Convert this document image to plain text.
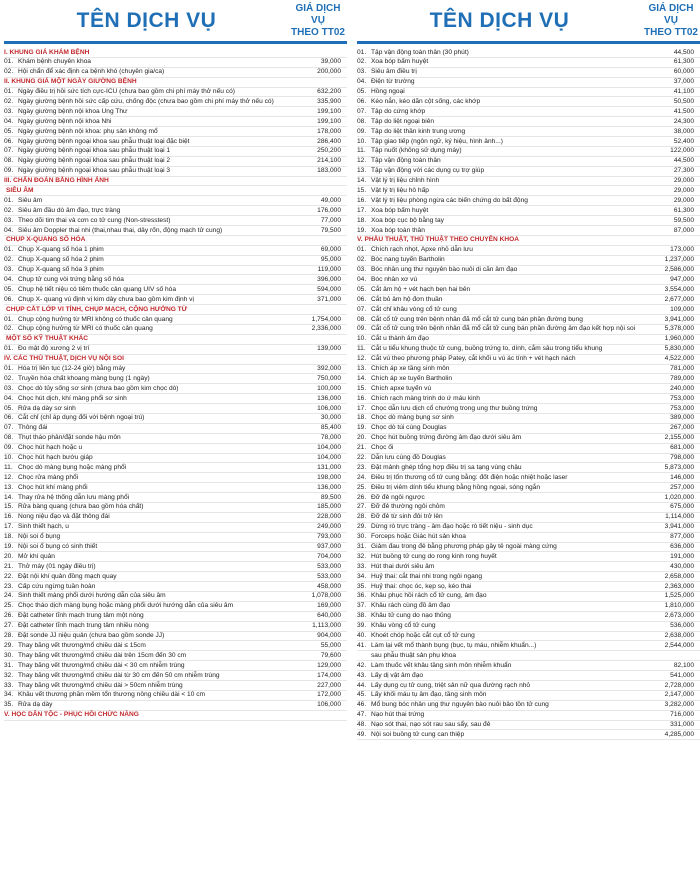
TÊN DỊCH VỤ
GIÁ DỊCH VỤ
THEO TT02
I. KHUNG GIÁ KHÁM BỆNH
01. Khám bệnh chuyên khoa	39,000
02. Hội chẩn để xác định ca bệnh khó (chuyên gia/ca)	200,000
II. KHUNG GIÁ MỘT NGÀY GIƯỜNG BỆNH
01. Ngày điều trị hồi sức tích cực-ICU (chưa bao gồm chi phí máy thở nếu có)	632,200
02. Ngày giường bệnh hồi sức cấp cứu, chống độc (chưa bao gồm chi phí máy thở nếu có)	335,900
03. Ngày giường bệnh nội khoa Ung Thư	199,100
04. Ngày giường bệnh nội khoa Nhi	199,100
05. Ngày giường bệnh nội khoa: phụ sản không mổ	178,000
06. Ngày giường bệnh ngoại khoa sau phẫu thuật loại đặc biệt	286,400
07. Ngày giường bệnh ngoại khoa sau phẫu thuật loại 1	250,200
08. Ngày giường bệnh ngoại khoa sau phẫu thuật loại 2	214,100
09. Ngày giường bệnh ngoại khoa sau phẫu thuật loại 3	183,000
III. CHẨN ĐOÁN BẰNG HÌNH ẢNH
SIÊU ÂM
01. Siêu âm	49,000
02. Siêu âm đầu dò âm đạo, trực tràng	176,000
03. Theo dõi tim thai và cơn co tử cung (Non-stresstest)	77,000
04. Siêu âm Doppler thai nhi (thai,nhau thai, dây rốn, động mạch tử cung)	79,500
CHỤP X-QUANG SỐ HÓA
01. Chụp X-quang số hóa 1 phim	69,000
02. Chụp X-quang số hóa 2 phim	95,000
03. Chụp X-quang số hóa 3 phim	119,000
04. Chụp tử cung vòi trứng bằng số hóa	396,000
05. Chụp hệ tiết niệu có tiêm thuốc cản quang UIV số hóa	594,000
06. Chụp X- quang vú định vị kim dây chưa bao gồm kim định vị	371,000
CHỤP CẮT LỚP VI TÍNH, CHỤP MẠCH, CỘNG HƯỞNG TỪ
01. Chụp cộng hưởng từ MRI không có thuốc cản quang	1,754,000
02. Chụp cộng hưởng từ MRI có thuốc cản quang	2,336,000
MỘT SỐ KỸ THUẬT KHÁC
01. Đo mật độ xương 2 vị trí	139,000
IV. CÁC THỦ THUẬT, DỊCH VỤ NỘI SOI
01. Hóa trị liên tục (12-24 giờ) bằng máy	392,000
02. Truyền hóa chất khoang màng bụng (1 ngày)	750,000
03. Chọc dò tủy sống sơ sinh (chưa bao gồm kim chọc dò)	100,000
04. Chọc hút dịch, khí màng phổi sơ sinh	136,000
05. Rửa dạ dày sơ sinh	106,000
06. Cắt chỉ (chỉ áp dụng đối với bệnh ngoại trú)	30,000
07. Thông đái	85,400
08. Thụt tháo phân/đặt sonde hậu môn	78,000
09. Chọc hút hạch hoặc u	104,000
10. Chọc hút hạch bướu giáp	104,000
11. Chọc dò màng bụng hoặc màng phổi	131,000
12. Chọc rửa màng phổi	198,000
13. Chọc hút khí màng phổi	136,000
14. Thay rửa hệ thống dẫn lưu màng phổi	89,500
15. Rửa bàng quang (chưa bao gồm hóa chất)	185,000
16. Nong niệu đạo và đặt thông đái	228,000
17. Sinh thiết hạch, u	249,000
18. Nội soi ổ bụng	793,000
19. Nội soi ổ bụng có sinh thiết	937,000
20. Mở khí quản	704,000
21. Thở máy (01 ngày điều trị)	533,000
22. Đặt nội khí quản đồng mạch quay	533,000
23. Cấp cứu ngừng tuần hoàn	458,000
24. Sinh thiết màng phổi dưới hướng dẫn của siêu âm	1,078,000
25. Chọc tháo dịch màng bụng hoặc màng phổi dưới hướng dẫn của siêu âm	169,000
26. Đặt catheter tĩnh mạch trung tâm một nòng	640,000
27. Đặt catheter tĩnh mạch trung tâm nhiều nòng	1,113,000
28. Đặt sonde JJ niệu quản (chưa bao gồm sonde JJ)	904,000
29. Thay băng vết thương/mổ chiều dài ≤ 15cm	55,000
30. Thay băng vết thương/mổ chiều dài trên 15cm đến 30 cm	79,600
31. Thay băng vết thương/mổ chiều dài < 30 cm nhiễm trùng	129,000
32. Thay băng vết thương/mổ chiều dài từ 30 cm đến 50 cm nhiễm trùng	174,000
33. Thay băng vết thương/mổ chiều dài > 50cm nhiễm trùng	227,000
34. Khâu vết thương phần mềm tổn thương nông chiều dài < 10 cm	172,000
35. Rửa dạ dày	106,000
V. HỌC DÂN TỘC - PHỤC HỒI CHỨC NĂNG
TÊN DỊCH VỤ
GIÁ DỊCH VỤ
THEO TT02
01. Tập vận động toàn thân (30 phút)	44,500
02. Xoa bóp bấm huyệt	61,300
03. Siêu âm điều trị	60,000
04. Điện từ trường	37,000
05. Hồng ngoại	41,100
06. Kéo nắn, kéo dãn cột sống, các khớp	50,500
07. Tập do cứng khớp	41,500
08. Tập do liệt ngoại biên	24,300
09. Tập do liệt thần kinh trung ương	38,000
10. Tập giao tiếp (ngôn ngữ, ký hiệu, hình ảnh...)	52,400
11. Tập nuốt (không sử dụng máy)	122,000
12. Tập vận động toàn thân	44,500
13. Tập vận động với các dụng cụ trợ giúp	27,300
14. Vật lý trị liệu chỉnh hình	29,000
15. Vật lý trị liệu hô hấp	29,000
16. Vật lý trị liệu phòng ngừa các biến chứng do bất động	29,000
17. Xoa bóp bấm huyệt	61,300
18. Xoa bóp cục bộ bằng tay	59,500
19. Xoa bóp toàn thân	87,000
V. PHẪU THUẬT, THỦ THUẬT THEO CHUYÊN KHOA
01. Chích rạch nhọt, Apxe nhỏ dẫn lưu	173,000
02. Bóc nang tuyến Bartholin	1,237,000
03. Bóc nhân ung thư nguyên bào nuôi di căn âm đạo	2,586,000
04. Bóc nhân xơ vú	947,000
05. Cắt âm hộ + vét hạch bẹn hai bên	3,554,000
06. Cắt bỏ âm hộ đơn thuần	2,677,000
07. Cắt chỉ khâu vòng cổ tử cung	109,000
08. Cắt cổ tử cung trên bệnh nhân đã mổ cắt tử cung bán phần đường bụng	3,941,000
09. Cắt cổ tử cung trên bệnh nhân đã mổ cắt tử cung bán phần đường âm đạo kết hợp nội soi	5,378,000
10. Cắt u thành âm đạo	1,960,000
11. Cắt u tiểu khung thuộc tử cung, buồng trứng to, dính, cắm sâu trong tiểu khung	5,830,000
12. Cắt vú theo phương pháp Patey, cắt khối u vú ác tính + vét hạch nách	4,522,000
13. Chích áp xe tầng sinh môn	781,000
14. Chích áp xe tuyến Bartholin	789,000
15. Chích apxe tuyến vú	240,000
16. Chích rạch màng trinh do ứ máu kinh	753,000
17. Chọc dẫn lưu dịch cổ chướng trong ung thư buồng trứng	753,000
18. Chọc dò màng bụng sơ sinh	389,000
19. Chọc dò túi cùng Douglas	267,000
20. Chọc hút buồng trứng đường âm đạo dưới siêu âm	2,155,000
21. Chọc ối	681,000
22. Dẫn lưu cùng đồ Douglas	798,000
23. Đặt mảnh ghép tổng hợp điều trị sa tạng vùng chậu	5,873,000
24. Điều trị tổn thương cổ tử cung bằng: đốt điện hoặc nhiệt hoặc laser	146,000
25. Điều trị viêm dính tiểu khung bằng hồng ngoại, sóng ngắn	257,000
26. Đỡ đẻ ngôi ngược	1,020,000
27. Đỡ đẻ thường ngôi chỏm	675,000
28. Đỡ đẻ từ sinh đôi trở lên	1,114,000
29. Dừng rò trực tràng - âm đạo hoặc rò tiết niệu - sinh dục	3,941,000
30. Forceps hoặc Giác hút sản khoa	877,000
31. Giảm đau trong đẻ bằng phương pháp gây tê ngoài màng cứng	636,000
32. Hút buồng tử cung do rong kinh rong huyết	191,000
33. Hút thai dưới siêu âm	430,000
34. Huỷ thai: cắt thai nhi trong ngôi ngang	2,658,000
35. Huỷ thai: chọc óc, kẹp sọ, kéo thai	2,363,000
36. Khâu phục hồi rách cổ tử cung, âm đạo	1,525,000
37. Khâu rách cùng đồ âm đạo	1,810,000
38. Khâu tử cung do nạo thủng	2,673,000
39. Khâu vòng cổ tử cung	536,000
40. Khoét chóp hoặc cắt cụt cổ tử cung	2,638,000
41. Làm lại vết mổ thành bụng (bục, tụ máu, nhiễm khuẩn...)	2,544,000
sau phẫu thuật sản phụ khoa
42. Làm thuốc vết khâu tầng sinh môn nhiễm khuẩn	82,100
43. Lấy dị vật âm đạo	541,000
44. Lấy dụng cụ tử cung, triệt sản nữ qua đường rạch nhỏ	2,728,000
45. Lấy khối máu tụ âm đạo, tầng sinh môn	2,147,000
46. Mổ bung bóc nhân ung thư nguyên bào nuôi bảo tồn tử cung	3,282,000
47. Nạo hút thai trứng	716,000
48. Nạo sót thai, nạo sót rau sau sẩy, sau đẻ	331,000
49. Nội soi buồng tử cung can thiệp	4,285,000
